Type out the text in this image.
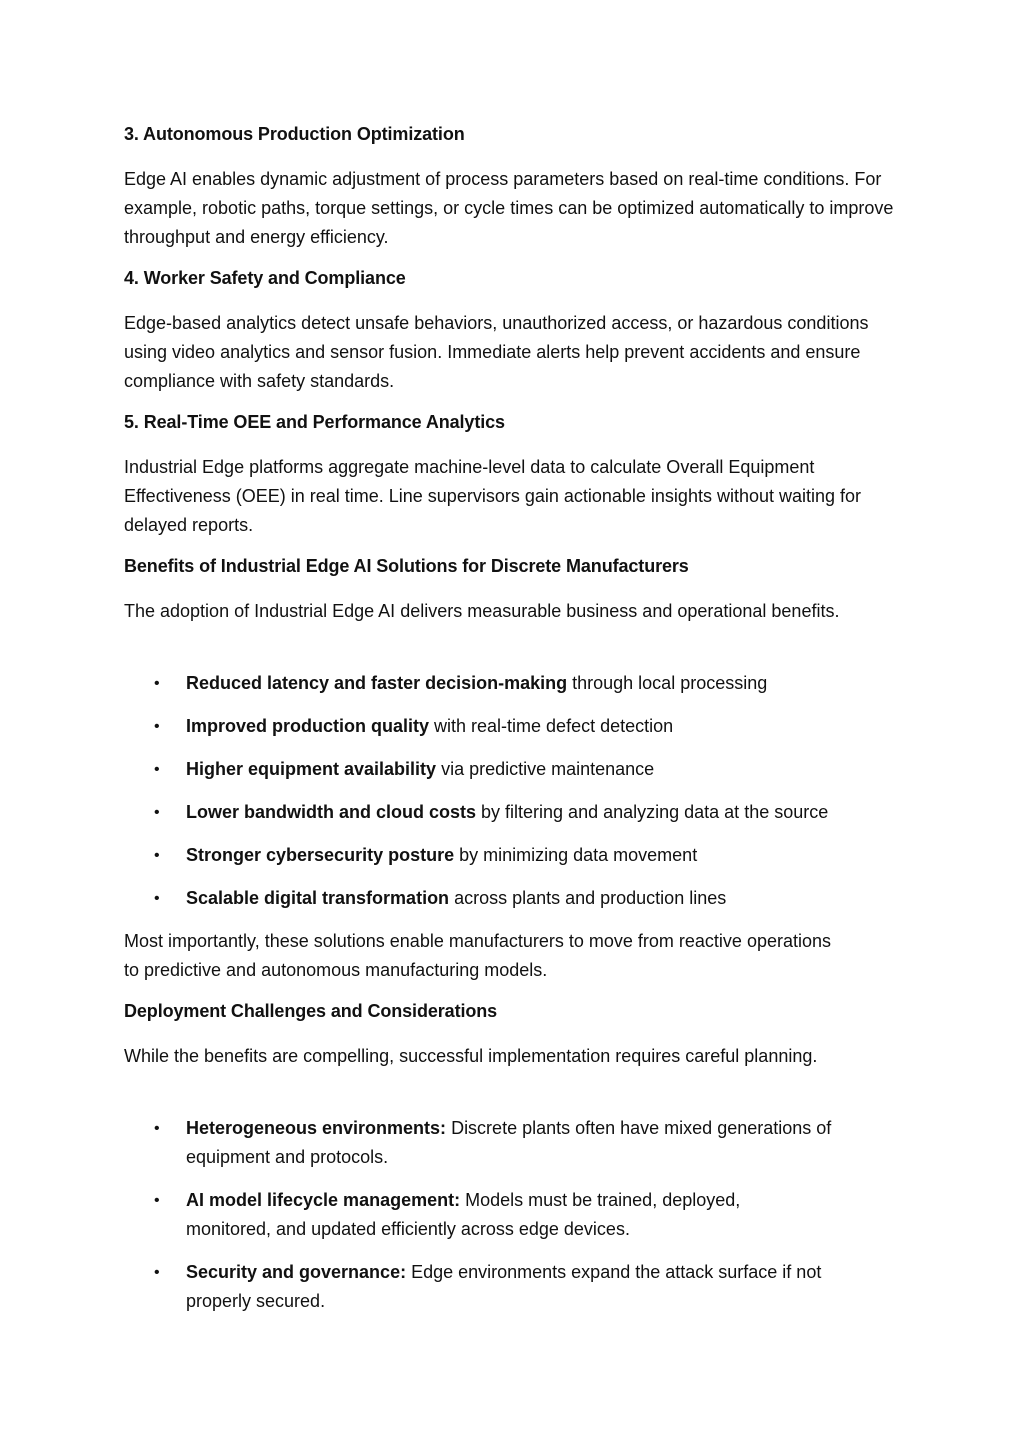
3. Autonomous Production Optimization
Edge AI enables dynamic adjustment of process parameters based on real-time conditions. For example, robotic paths, torque settings, or cycle times can be optimized automatically to improve throughput and energy efficiency.
4. Worker Safety and Compliance
Edge-based analytics detect unsafe behaviors, unauthorized access, or hazardous conditions using video analytics and sensor fusion. Immediate alerts help prevent accidents and ensure compliance with safety standards.
5. Real-Time OEE and Performance Analytics
Industrial Edge platforms aggregate machine-level data to calculate Overall Equipment Effectiveness (OEE) in real time. Line supervisors gain actionable insights without waiting for delayed reports.
Benefits of Industrial Edge AI Solutions for Discrete Manufacturers
The adoption of Industrial Edge AI delivers measurable business and operational benefits.
• Reduced latency and faster decision-making through local processing
• Improved production quality with real-time defect detection
• Higher equipment availability via predictive maintenance
• Lower bandwidth and cloud costs by filtering and analyzing data at the source
• Stronger cybersecurity posture by minimizing data movement
• Scalable digital transformation across plants and production lines
Most importantly, these solutions enable manufacturers to move from reactive operations to predictive and autonomous manufacturing models.
Deployment Challenges and Considerations
While the benefits are compelling, successful implementation requires careful planning.
• Heterogeneous environments: Discrete plants often have mixed generations of equipment and protocols.
• AI model lifecycle management: Models must be trained, deployed, monitored, and updated efficiently across edge devices.
• Security and governance: Edge environments expand the attack surface if not properly secured.
